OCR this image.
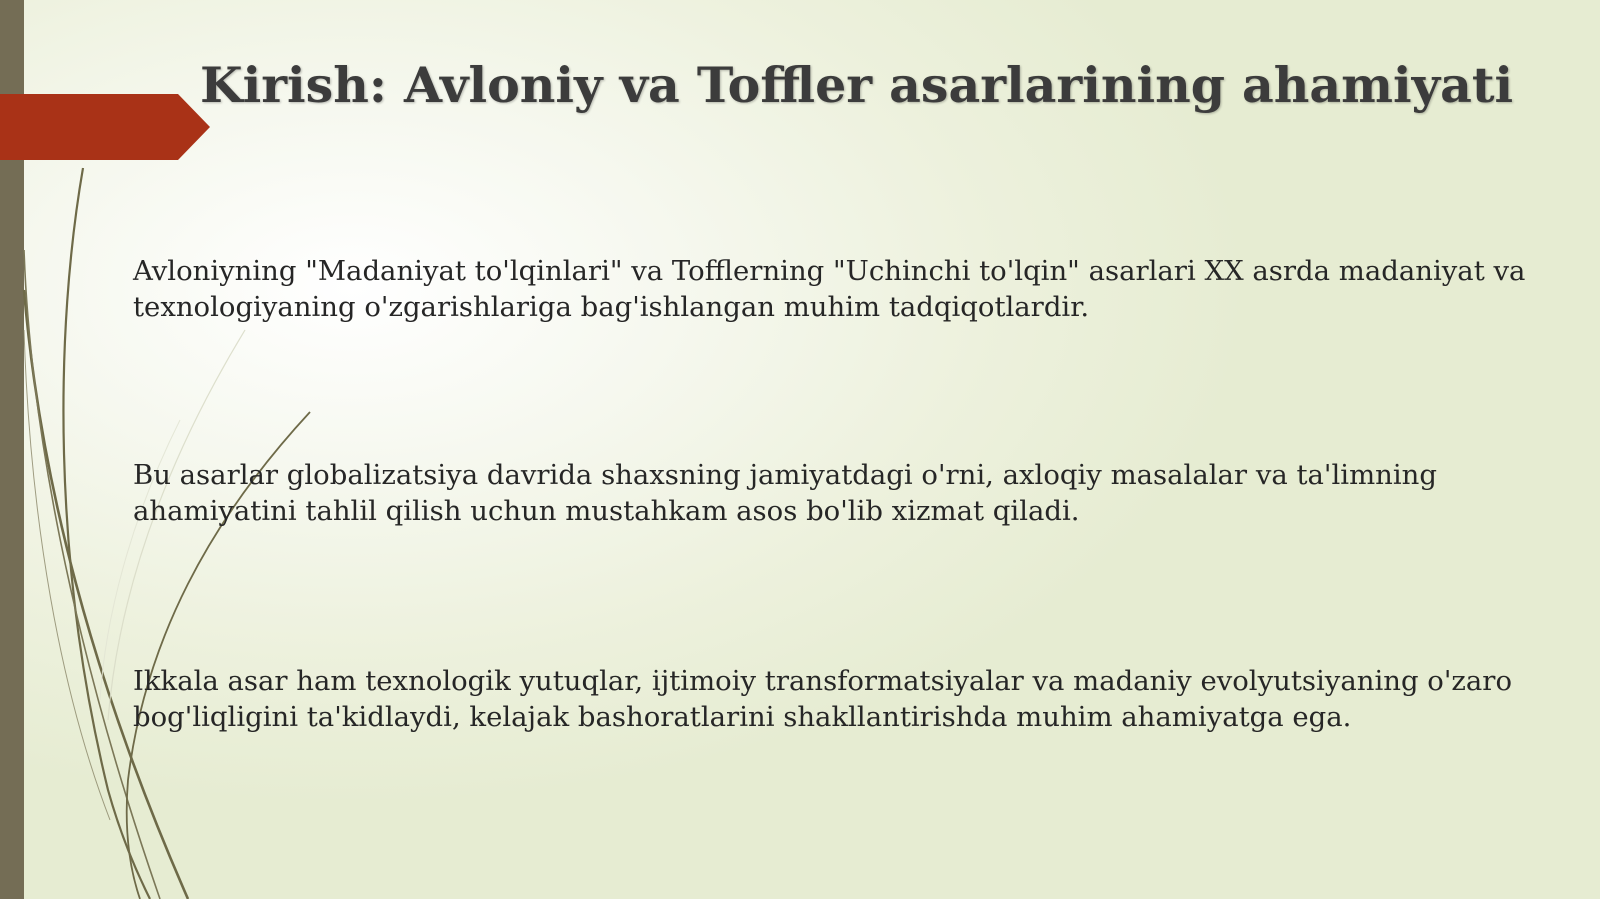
Kirish: Avloniy va Toffler asarlarining ahamiyati
Avloniyning "Madaniyat to'lqinlari" va Tofflerning "Uchinchi to'lqin" asarlari XX asrda madaniyat va texnologiyaning o'zgarishlariga bag'ishlangan muhim tadqiqotlardir.
Bu asarlar globalizatsiya davrida shaxsning jamiyatdagi o'rni, axloqiy masalalar va ta'limning ahamiyatini tahlil qilish uchun mustahkam asos bo'lib xizmat qiladi.
Ikkala asar ham texnologik yutuqlar, ijtimoiy transformatsiyalar va madaniy evolyutsiyaning o'zaro bog'liqligini ta'kidlaydi, kelajak bashoratlarini shakllantirishda muhim ahamiyatga ega.
